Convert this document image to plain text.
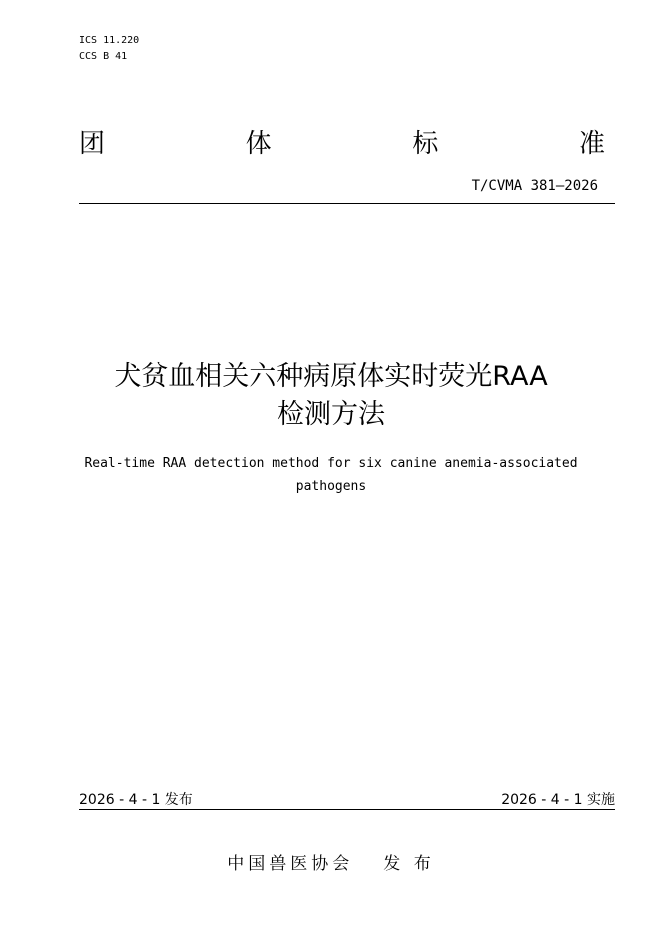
ICS 11.220
CCS B 41
团	体	标	准
T/CVMA 381—2026
犬贫血相关六种病原体实时荧光RAA
检测方法
Real-time RAA detection method for six canine anemia-associated
pathogens
2026 - 4 - 1 发布	2026 - 4 - 1 实施
中国兽医协会 发 布
